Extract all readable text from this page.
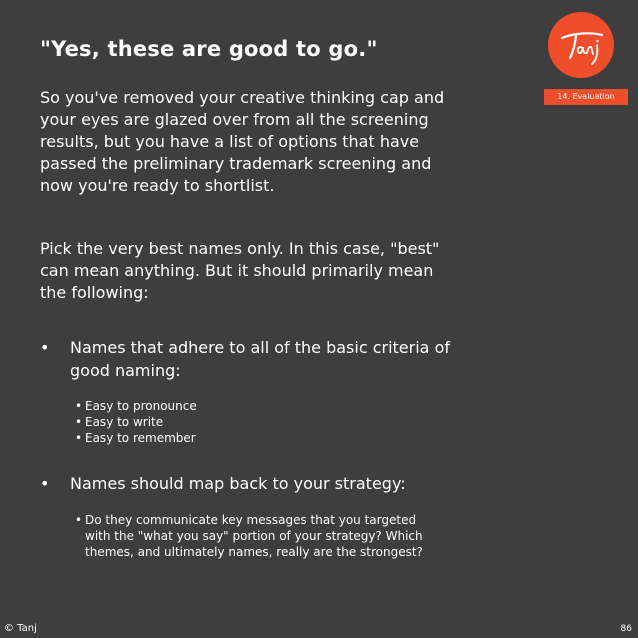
"Yes, these are good to go."
So you've removed your creative thinking cap and your eyes are glazed over from all the screening results, but you have a list of options that have passed the preliminary trademark screening and now you're ready to shortlist.
Pick the very best names only. In this case, "best" can mean anything. But it should primarily mean the following:
• Names that adhere to all of the basic criteria of good naming:
• Easy to pronounce
• Easy to write
• Easy to remember
• Names should map back to your strategy:
• Do they communicate key messages that you targeted with the "what you say" portion of your strategy? Which themes, and ultimately names, really are the strongest?
14. Evaluation
© Tanj	86
